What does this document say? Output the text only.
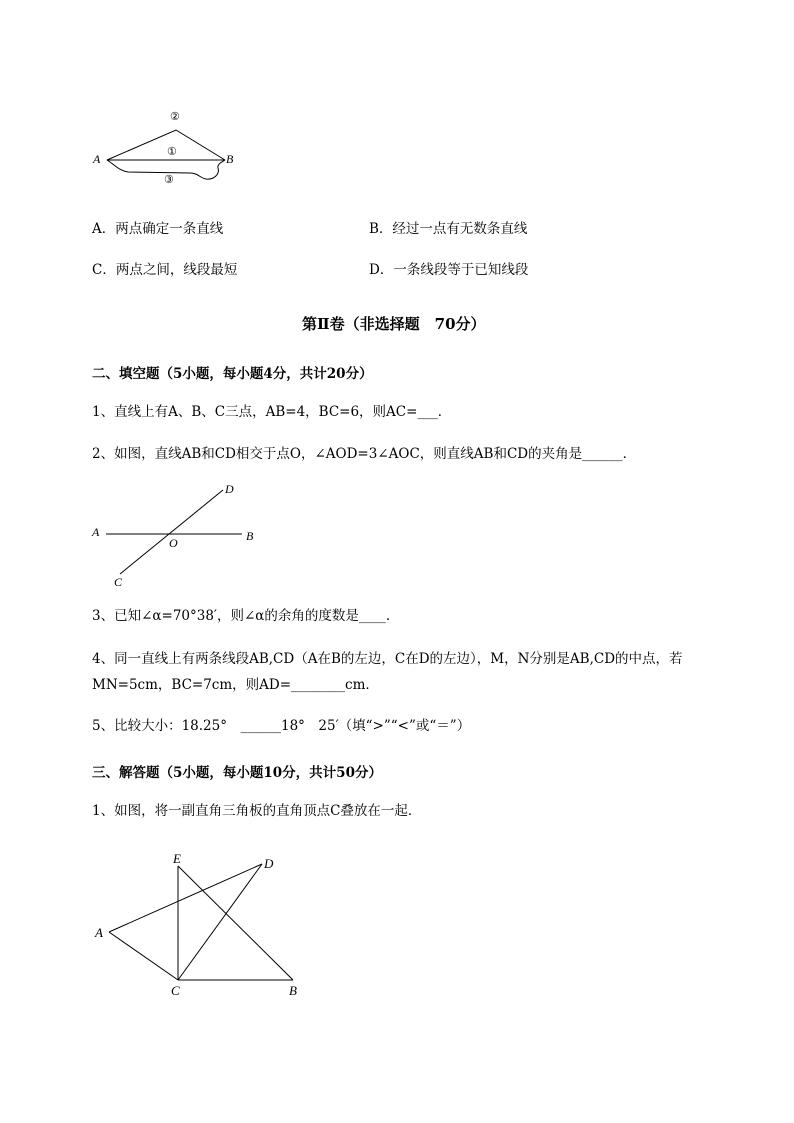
A	B
②
①
③
A．两点确定一条直线	B．经过一点有无数条直线
C．两点之间，线段最短	D．一条线段等于已知线段
第Ⅱ卷（非选择题　70分）
二、填空题（5小题，每小题4分，共计20分）
1、直线上有A、B、C三点，AB=4，BC=6，则AC=___．
2、如图，直线AB和CD相交于点O，∠AOD=3∠AOC，则直线AB和CD的夹角是______．
A	B
C
D
O
3、已知∠α=70°38′，则∠α的余角的度数是____．
4、同一直线上有两条线段AB,CD（A在B的左边，C在D的左边），M，N分别是AB,CD的中点，若
MN=5cm，BC=7cm，则AD=________cm．
5、比较大小：18.25°　______18°　25′（填“>”“<”或“＝”）
三、解答题（5小题，每小题10分，共计50分）
1、如图，将一副直角三角板的直角顶点C叠放在一起．
E	D
A
C	B
